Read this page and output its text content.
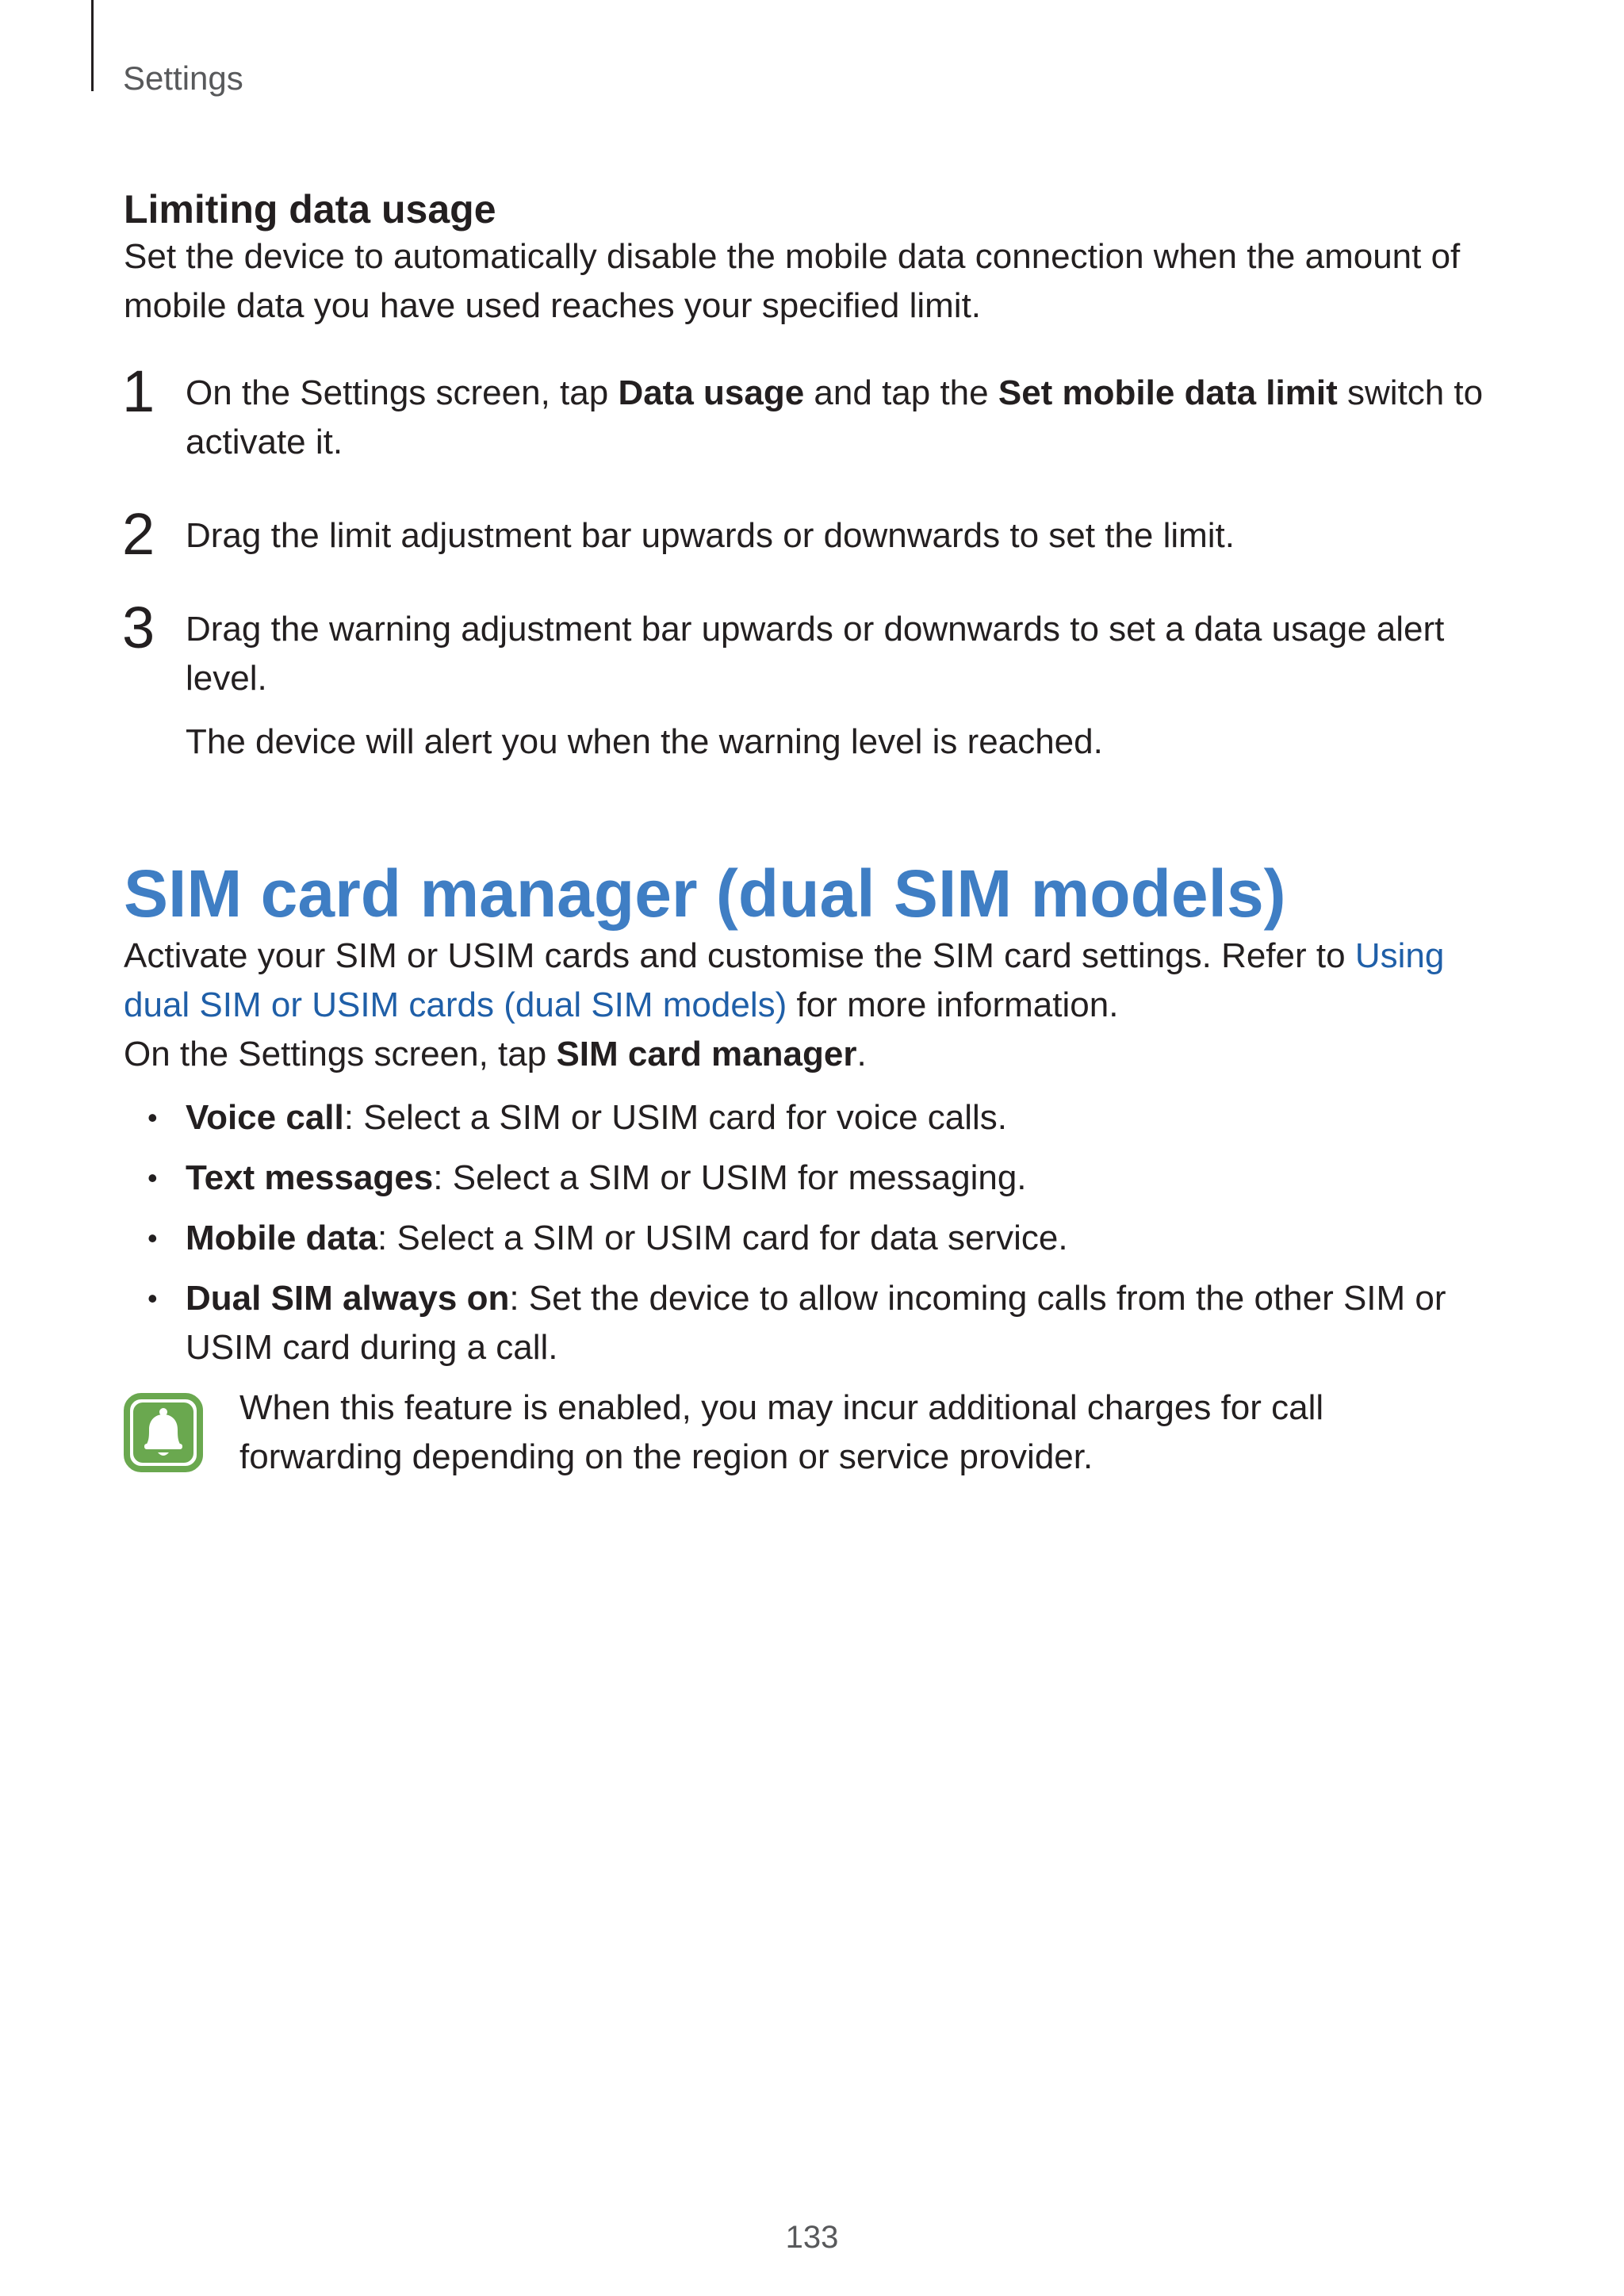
Settings
Limiting data usage

Set the device to automatically disable the mobile data connection when the amount of mobile data you have used reaches your specified limit.

1 On the Settings screen, tap Data usage and tap the Set mobile data limit switch to activate it.
2 Drag the limit adjustment bar upwards or downwards to set the limit.
3 Drag the warning adjustment bar upwards or downwards to set a data usage alert level.

The device will alert you when the warning level is reached.

SIM card manager (dual SIM models)

Activate your SIM or USIM cards and customise the SIM card settings. Refer to Using dual SIM or USIM cards (dual SIM models) for more information.

On the Settings screen, tap SIM card manager.

• Voice call: Select a SIM or USIM card for voice calls.
• Text messages: Select a SIM or USIM for messaging.
• Mobile data: Select a SIM or USIM card for data service.
• Dual SIM always on: Set the device to allow incoming calls from the other SIM or USIM card during a call.
When this feature is enabled, you may incur additional charges for call forwarding depending on the region or service provider.
133
